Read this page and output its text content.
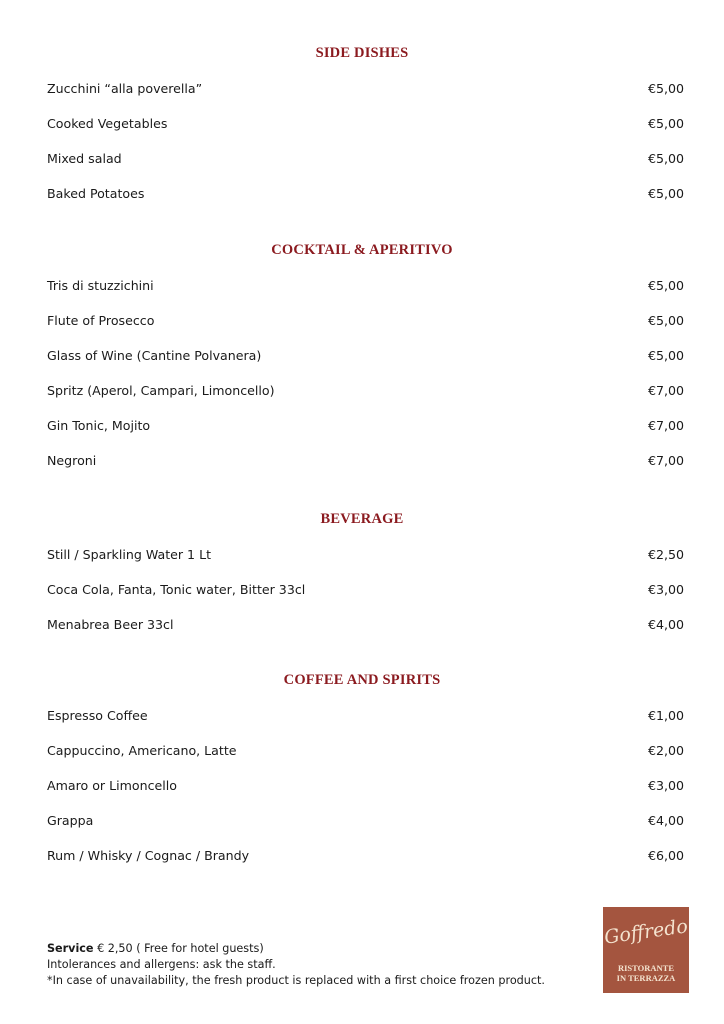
SIDE DISHES
Zucchini “alla poverella”	€5,00
Cooked Vegetables	€5,00
Mixed salad	€5,00
Baked Potatoes	€5,00
COCKTAIL & APERITIVO
Tris di stuzzichini	€5,00
Flute of Prosecco	€5,00
Glass of Wine (Cantine Polvanera)	€5,00
Spritz (Aperol, Campari, Limoncello)	€7,00
Gin Tonic, Mojito	€7,00
Negroni	€7,00
BEVERAGE
Still / Sparkling Water 1 Lt	€2,50
Coca Cola, Fanta, Tonic water, Bitter 33cl	€3,00
Menabrea Beer 33cl	€4,00
COFFEE AND SPIRITS
Espresso Coffee	€1,00
Cappuccino, Americano, Latte	€2,00
Amaro or Limoncello	€3,00
Grappa	€4,00
Rum / Whisky / Cognac / Brandy	€6,00
Service € 2,50 ( Free for hotel guests)
Intolerances and allergens: ask the staff.
*In case of unavailability, the fresh product is replaced with a first choice frozen product.
Goffredo
RISTORANTE
IN TERRAZZA
